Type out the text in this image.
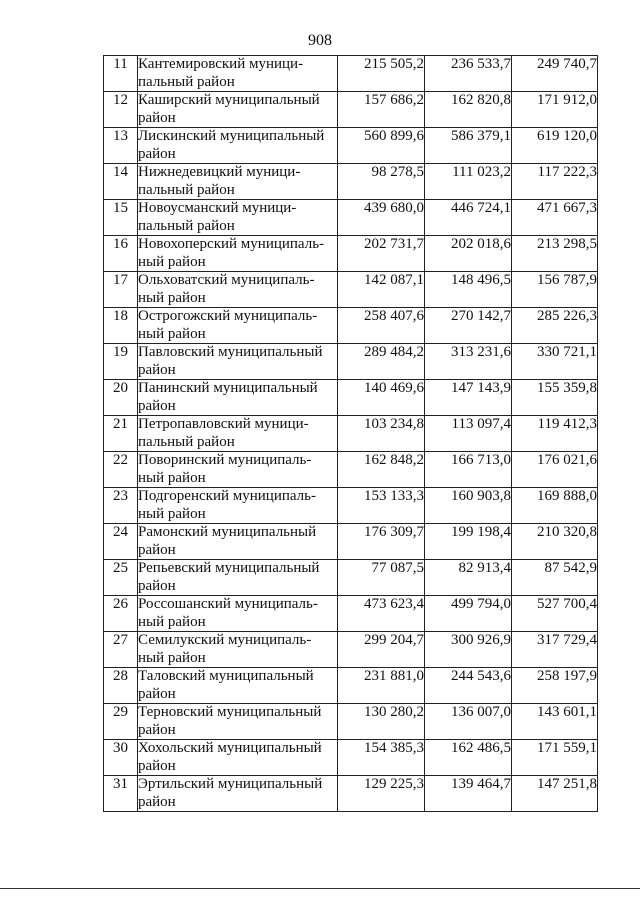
908
11	Кантемировский муници-
пальный район	215 505,2	236 533,7	249 740,7
12	Каширский муниципальный
район	157 686,2	162 820,8	171 912,0
13	Лискинский муниципальный
район	560 899,6	586 379,1	619 120,0
14	Нижнедевицкий муници-
пальный район	98 278,5	111 023,2	117 222,3
15	Новоусманский муници-
пальный район	439 680,0	446 724,1	471 667,3
16	Новохоперский муниципаль-
ный район	202 731,7	202 018,6	213 298,5
17	Ольховатский муниципаль-
ный район	142 087,1	148 496,5	156 787,9
18	Острогожский муниципаль-
ный район	258 407,6	270 142,7	285 226,3
19	Павловский муниципальный
район	289 484,2	313 231,6	330 721,1
20	Панинский муниципальный
район	140 469,6	147 143,9	155 359,8
21	Петропавловский муници-
пальный район	103 234,8	113 097,4	119 412,3
22	Поворинский муниципаль-
ный район	162 848,2	166 713,0	176 021,6
23	Подгоренский муниципаль-
ный район	153 133,3	160 903,8	169 888,0
24	Рамонский муниципальный
район	176 309,7	199 198,4	210 320,8
25	Репьевский муниципальный
район	77 087,5	82 913,4	87 542,9
26	Россошанский муниципаль-
ный район	473 623,4	499 794,0	527 700,4
27	Семилукский муниципаль-
ный район	299 204,7	300 926,9	317 729,4
28	Таловский муниципальный
район	231 881,0	244 543,6	258 197,9
29	Терновский муниципальный
район	130 280,2	136 007,0	143 601,1
30	Хохольский муниципальный
район	154 385,3	162 486,5	171 559,1
31	Эртильский муниципальный
район	129 225,3	139 464,7	147 251,8
